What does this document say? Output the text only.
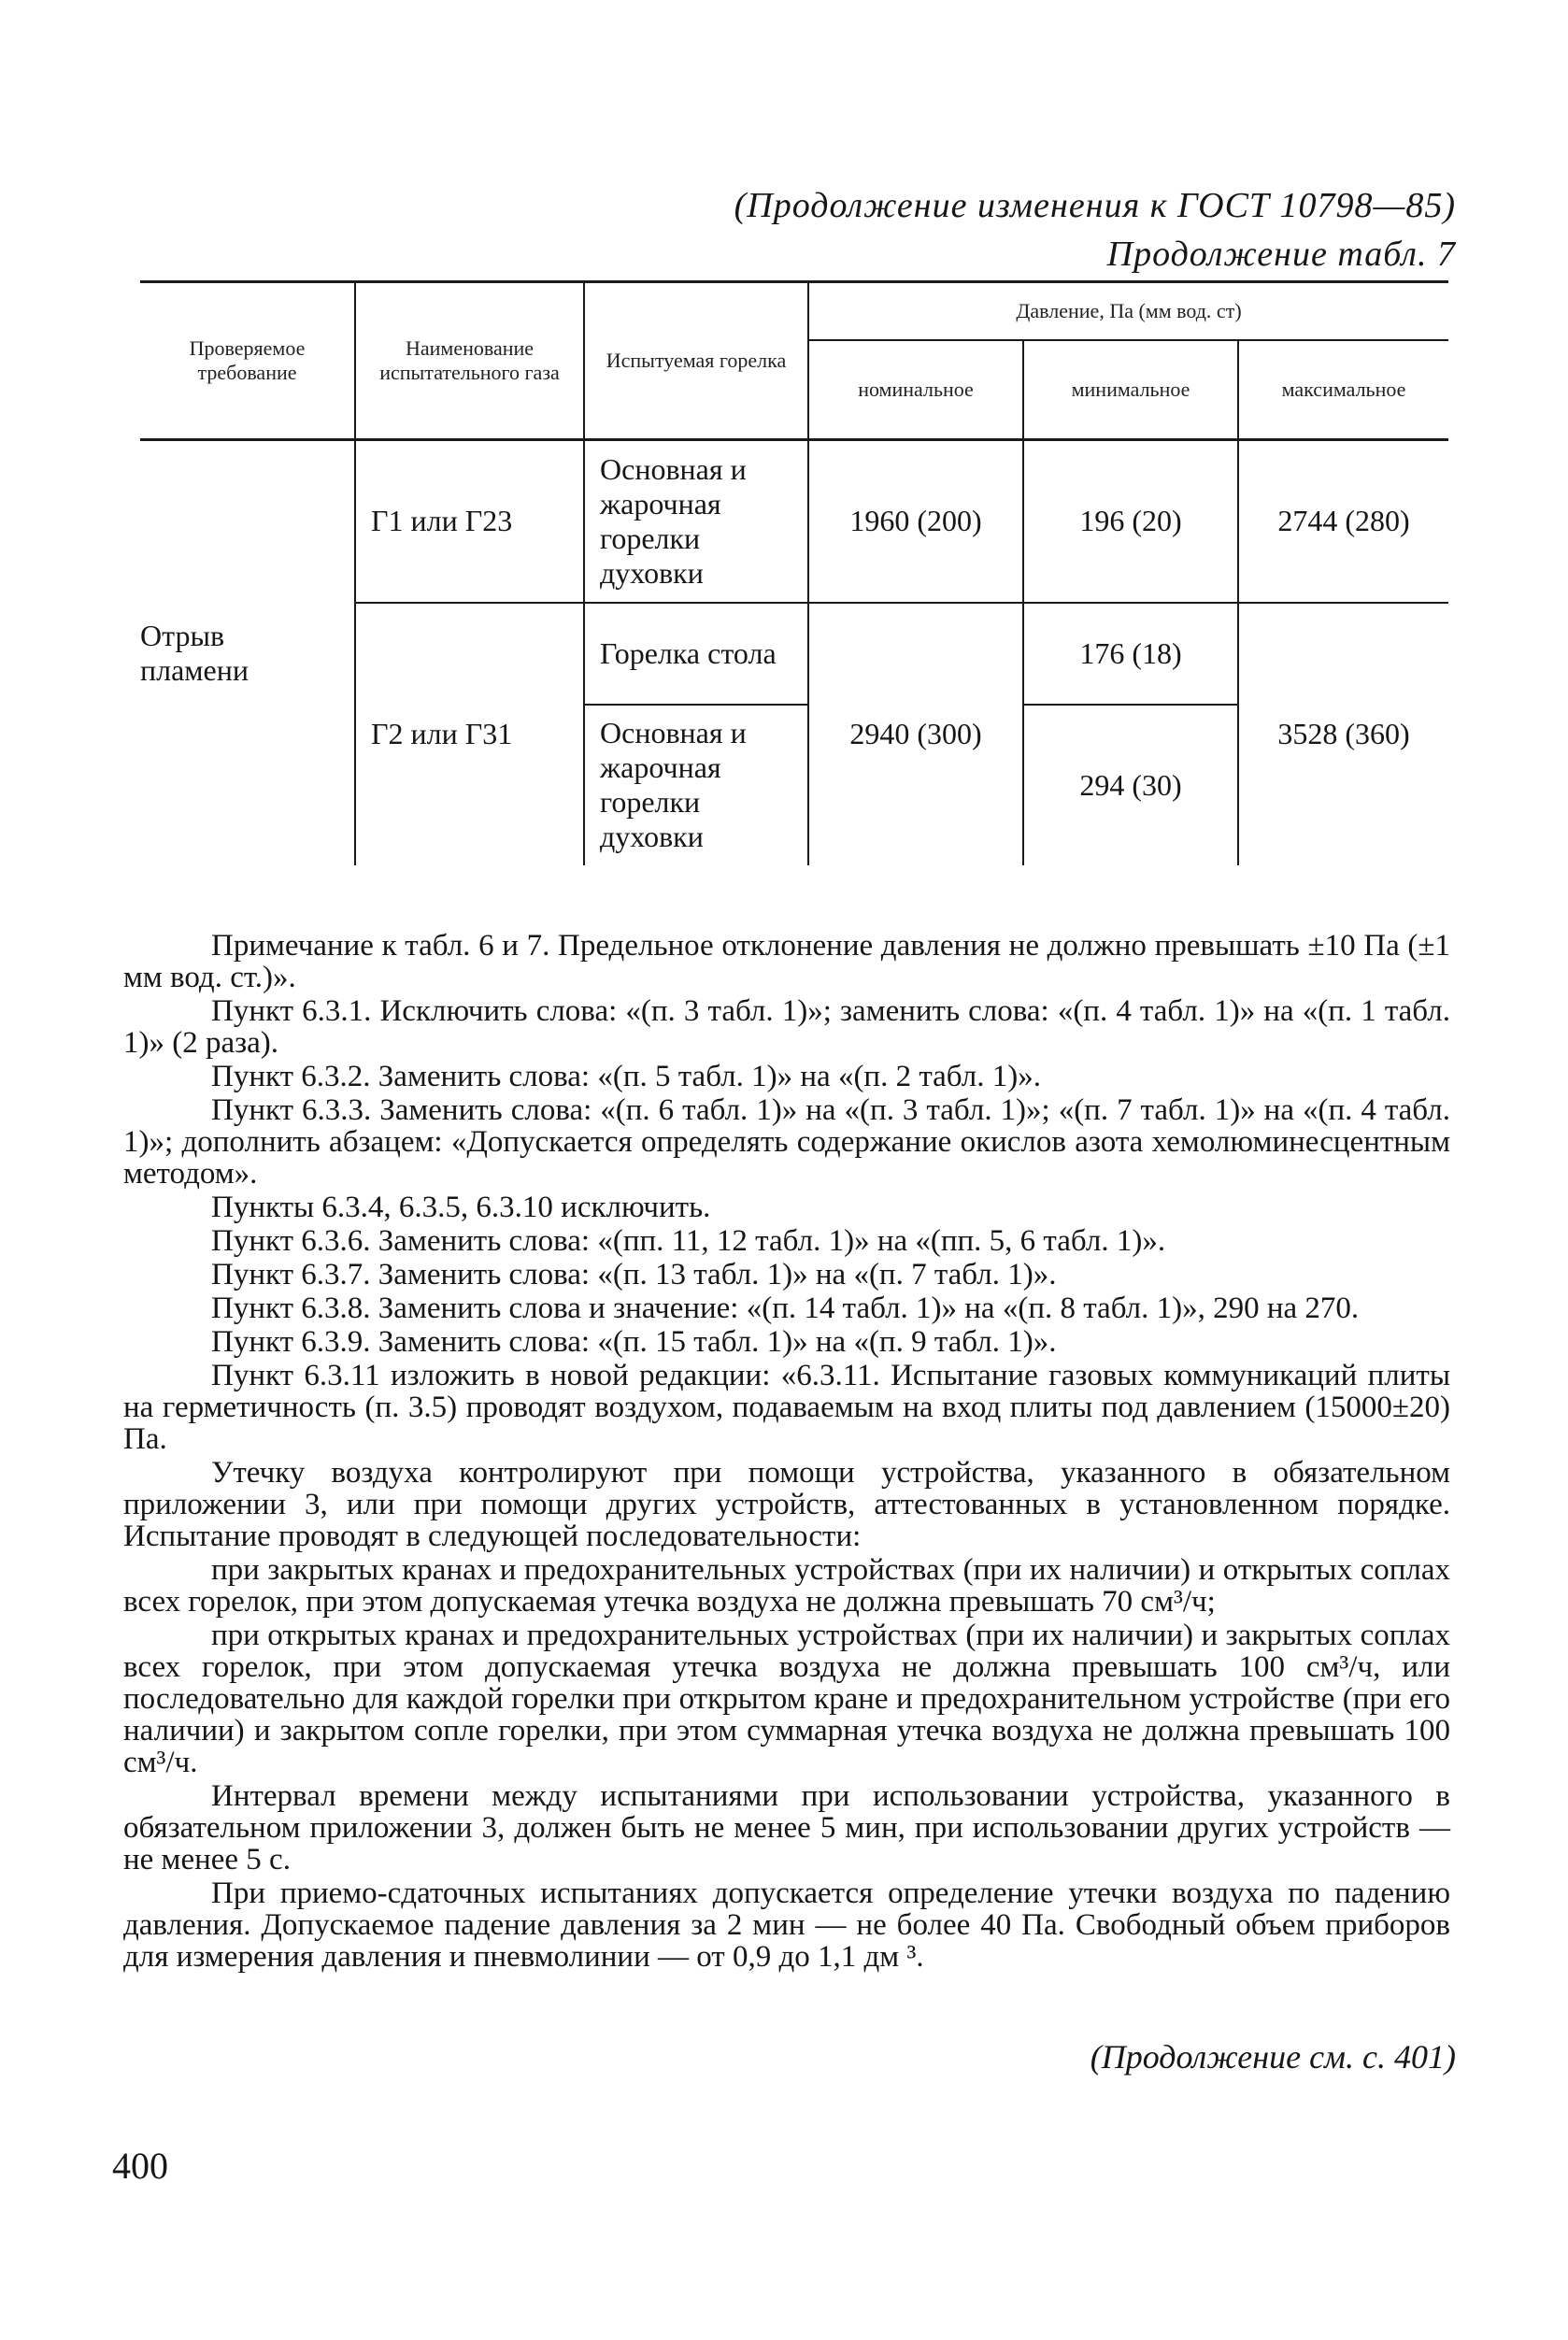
(Продолжение изменения к ГОСТ 10798—85)
Продолжение табл. 7
Проверяемое требование	Наименование испытательного газа	Испытуемая горелка	Давление, Па (мм вод. ст)		
			номинальное	минимальное	максимальное
Отрыв пламени	Г1 или Г23	Основная и жарочная горелки духовки	1960 (200)	196 (20)	2744 (280)
	Г2 или Г31	Горелка стола	2940 (300)	176 (18)	3528 (360)

		Основная и жарочная горелки духовки		294 (30)	

Примечание к табл. 6 и 7. Предельное отклонение давления не должно превышать ±10 Па (±1 мм вод. ст.)».

Пункт 6.3.1. Исключить слова: «(п. 3 табл. 1)»; заменить слова: «(п. 4 табл. 1)» на «(п. 1 табл. 1)» (2 раза).

Пункт 6.3.2. Заменить слова: «(п. 5 табл. 1)» на «(п. 2 табл. 1)».

Пункт 6.3.3. Заменить слова: «(п. 6 табл. 1)» на «(п. 3 табл. 1)»; «(п. 7 табл. 1)» на «(п. 4 табл. 1)»; дополнить абзацем: «Допускается определять содержание окислов азота хемолюминесцентным методом».

Пункты 6.3.4, 6.3.5, 6.3.10 исключить.

Пункт 6.3.6. Заменить слова: «(пп. 11, 12 табл. 1)» на «(пп. 5, 6 табл. 1)».

Пункт 6.3.7. Заменить слова: «(п. 13 табл. 1)» на «(п. 7 табл. 1)».

Пункт 6.3.8. Заменить слова и значение: «(п. 14 табл. 1)» на «(п. 8 табл. 1)», 290 на 270.

Пункт 6.3.9. Заменить слова: «(п. 15 табл. 1)» на «(п. 9 табл. 1)».

Пункт 6.3.11 изложить в новой редакции: «6.3.11. Испытание газовых коммуникаций плиты на герметичность (п. 3.5) проводят воздухом, подаваемым на вход плиты под давлением (15000±20) Па.

Утечку воздуха контролируют при помощи устройства, указанного в обязательном приложении 3, или при помощи других устройств, аттестованных в установленном порядке. Испытание проводят в следующей последовательности:

при закрытых кранах и предохранительных устройствах (при их наличии) и открытых соплах всех горелок, при этом допускаемая утечка воздуха не должна превышать 70 см³/ч;

при открытых кранах и предохранительных устройствах (при их наличии) и закрытых соплах всех горелок, при этом допускаемая утечка воздуха не должна превышать 100 см³/ч, или последовательно для каждой горелки при открытом кране и предохранительном устройстве (при его наличии) и закрытом сопле горелки, при этом суммарная утечка воздуха не должна превышать 100 см³/ч.

Интервал времени между испытаниями при использовании устройства, указанного в обязательном приложении 3, должен быть не менее 5 мин, при использовании других устройств — не менее 5 с.

При приемо-сдаточных испытаниях допускается определение утечки воздуха по падению давления. Допускаемое падение давления за 2 мин — не более 40 Па. Свободный объем приборов для измерения давления и пневмолинии — от 0,9 до 1,1 дм ³.

(Продолжение см. с. 401)
400
